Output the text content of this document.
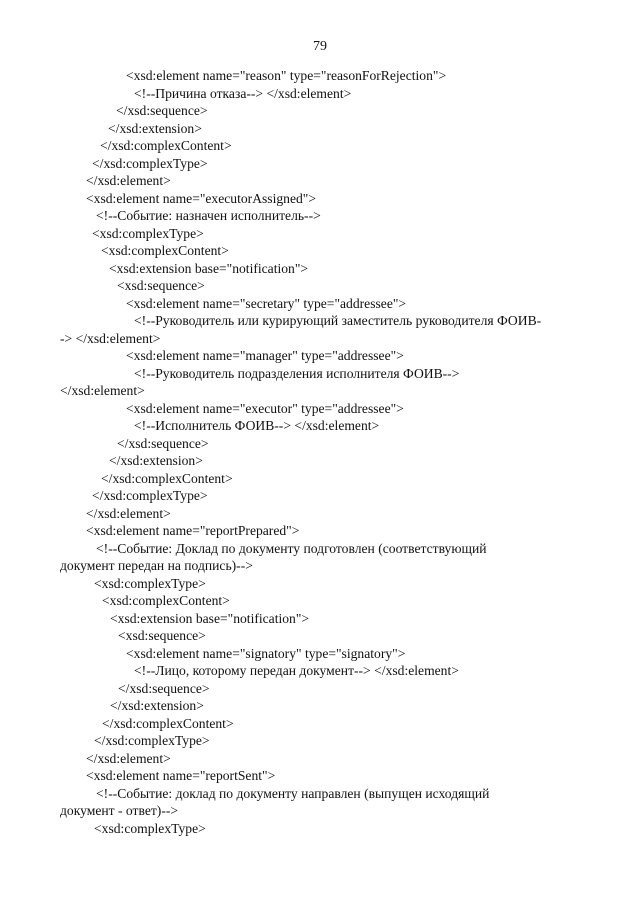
79
<xsd:element name="reason" type="reasonForRejection">
<!--Причина отказа--> </xsd:element>
</xsd:sequence>
</xsd:extension>
</xsd:complexContent>
</xsd:complexType>
</xsd:element>
<xsd:element name="executorAssigned">
<!--Событие: назначен исполнитель-->
<xsd:complexType>
<xsd:complexContent>
<xsd:extension base="notification">
<xsd:sequence>
<xsd:element name="secretary" type="addressee">
<!--Руководитель или курирующий заместитель руководителя ФОИВ-
-> </xsd:element>
<xsd:element name="manager" type="addressee">
<!--Руководитель подразделения исполнителя ФОИВ-->
</xsd:element>
<xsd:element name="executor" type="addressee">
<!--Исполнитель ФОИВ--> </xsd:element>
</xsd:sequence>
</xsd:extension>
</xsd:complexContent>
</xsd:complexType>
</xsd:element>
<xsd:element name="reportPrepared">
<!--Событие: Доклад по документу подготовлен (соответствующий
документ передан на подпись)-->
<xsd:complexType>
<xsd:complexContent>
<xsd:extension base="notification">
<xsd:sequence>
<xsd:element name="signatory" type="signatory">
<!--Лицо, которому передан документ--> </xsd:element>
</xsd:sequence>
</xsd:extension>
</xsd:complexContent>
</xsd:complexType>
</xsd:element>
<xsd:element name="reportSent">
<!--Событие: доклад по документу направлен (выпущен исходящий
документ - ответ)-->
<xsd:complexType>
